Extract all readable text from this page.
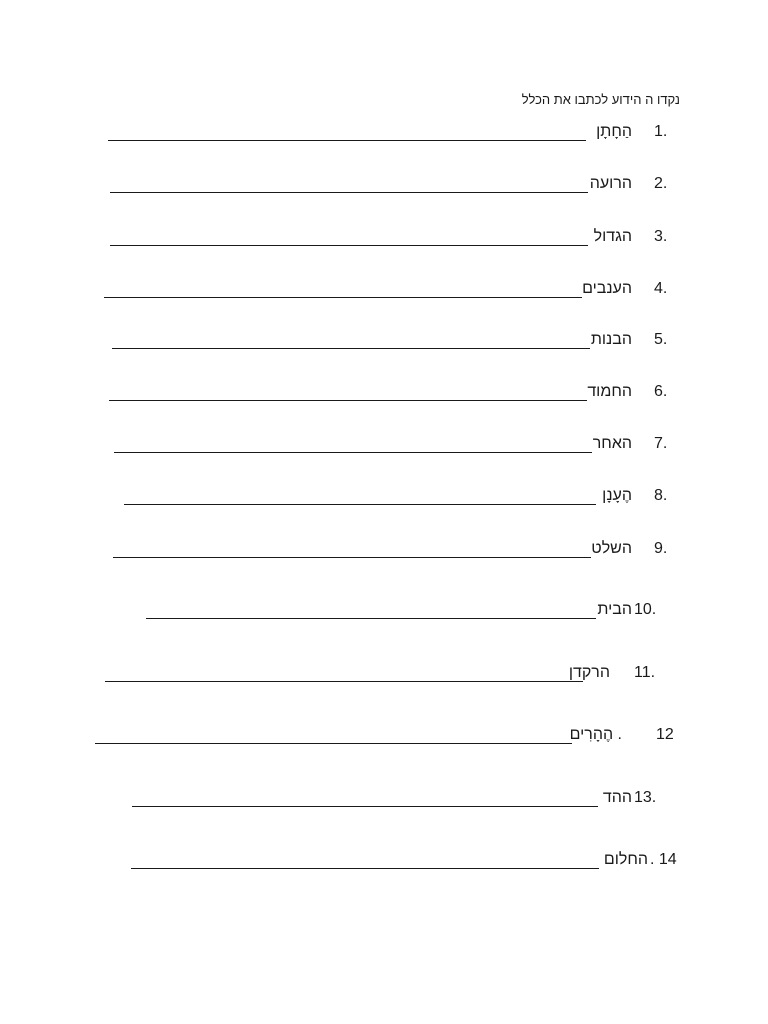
נקדו ה הידוע לכתבו את הכלל
1.
הַחָתָן
2.
הרועה
3.
הגדול
4.
הענבים
5.
הבנות
6.
החמוד
7.
האחר
8.
הֶעָנָן
9.
השלט
10.
הבית
11.
הרקדן
12
. הֶהָרִים
13.
ההד
. 14
החלום
